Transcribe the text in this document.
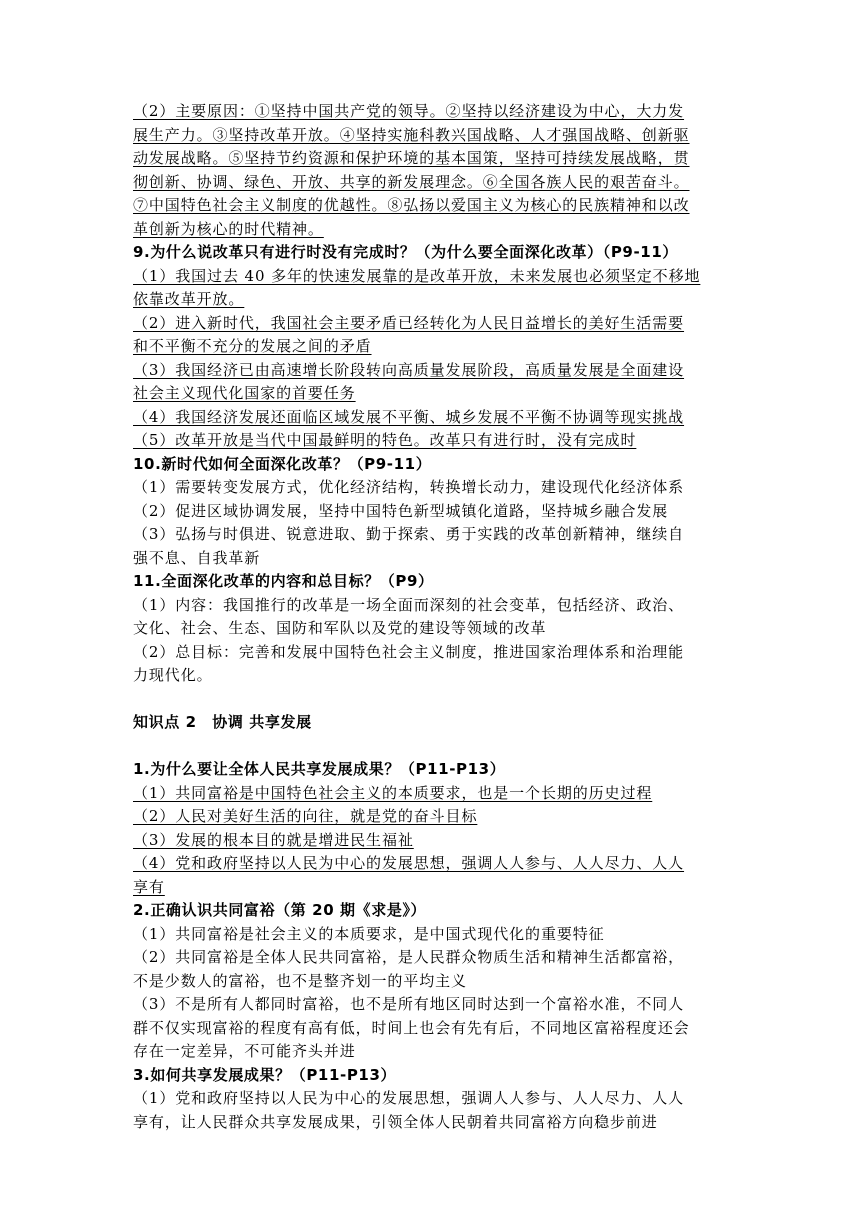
（2）主要原因：①坚持中国共产党的领导。②坚持以经济建设为中心，大力发
展生产力。③坚持改革开放。④坚持实施科教兴国战略、人才强国战略、创新驱
动发展战略。⑤坚持节约资源和保护环境的基本国策，坚持可持续发展战略，贯
彻创新、协调、绿色、开放、共享的新发展理念。⑥全国各族人民的艰苦奋斗。
⑦中国特色社会主义制度的优越性。⑧弘扬以爱国主义为核心的民族精神和以改
革创新为核心的时代精神。
9.为什么说改革只有进行时没有完成时？（为什么要全面深化改革）（P9-11）
（1）我国过去 40 多年的快速发展靠的是改革开放，未来发展也必须坚定不移地
依靠改革开放。
（2）进入新时代，我国社会主要矛盾已经转化为人民日益增长的美好生活需要
和不平衡不充分的发展之间的矛盾
（3）我国经济已由高速增长阶段转向高质量发展阶段，高质量发展是全面建设
社会主义现代化国家的首要任务
（4）我国经济发展还面临区域发展不平衡、城乡发展不平衡不协调等现实挑战
（5）改革开放是当代中国最鲜明的特色。改革只有进行时，没有完成时
10.新时代如何全面深化改革？（P9-11）
（1）需要转变发展方式，优化经济结构，转换增长动力，建设现代化经济体系
（2）促进区域协调发展，坚持中国特色新型城镇化道路，坚持城乡融合发展
（3）弘扬与时俱进、锐意进取、勤于探索、勇于实践的改革创新精神，继续自
强不息、自我革新
11.全面深化改革的内容和总目标？（P9）
（1）内容：我国推行的改革是一场全面而深刻的社会变革，包括经济、政治、
文化、社会、生态、国防和军队以及党的建设等领域的改革
（2）总目标：完善和发展中国特色社会主义制度，推进国家治理体系和治理能
力现代化。
知识点 2　协调 共享发展
1.为什么要让全体人民共享发展成果？（P11-P13）
（1）共同富裕是中国特色社会主义的本质要求，也是一个长期的历史过程
（2）人民对美好生活的向往，就是党的奋斗目标
（3）发展的根本目的就是增进民生福祉
（4）党和政府坚持以人民为中心的发展思想，强调人人参与、人人尽力、人人
享有
2.正确认识共同富裕（第 20 期《求是》）
（1）共同富裕是社会主义的本质要求，是中国式现代化的重要特征
（2）共同富裕是全体人民共同富裕，是人民群众物质生活和精神生活都富裕，
不是少数人的富裕，也不是整齐划一的平均主义
（3）不是所有人都同时富裕，也不是所有地区同时达到一个富裕水准，不同人
群不仅实现富裕的程度有高有低，时间上也会有先有后，不同地区富裕程度还会
存在一定差异，不可能齐头并进
3.如何共享发展成果？（P11-P13）
（1）党和政府坚持以人民为中心的发展思想，强调人人参与、人人尽力、人人
享有，让人民群众共享发展成果，引领全体人民朝着共同富裕方向稳步前进
